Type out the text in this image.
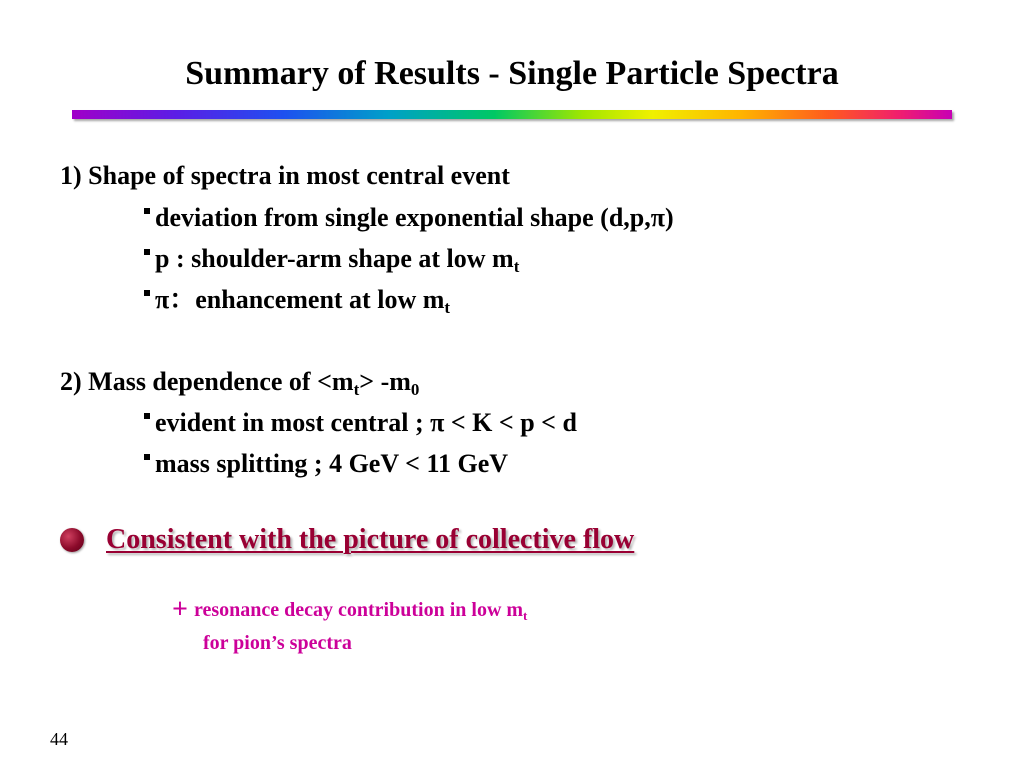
Summary of Results - Single Particle Spectra
1) Shape of spectra in most central event
deviation from single exponential shape (d,p,π)
p : shoulder-arm shape at low $m_t$
π：enhancement at low $m_t$
2) Mass dependence of $<m_t> -m_0$
evident in most central ; π < K < p < d
mass splitting ; 4 GeV < 11 GeV
Consistent with the picture of collective flow
+ resonance decay contribution in low $m_t$
for pion’s spectra
44
